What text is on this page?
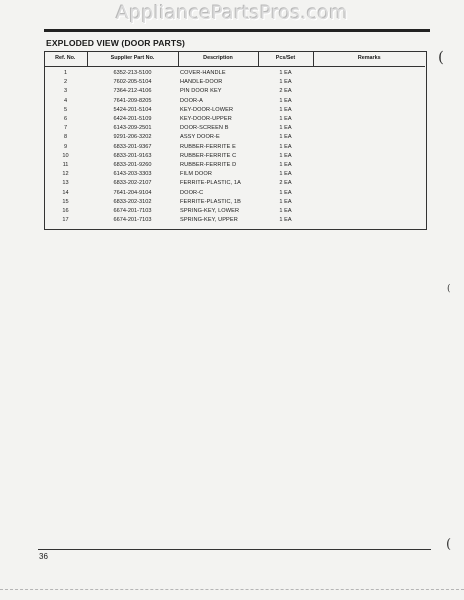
AppliancePartsPros.com
EXPLODED VIEW (DOOR PARTS)
Ref. No.	Supplier Part No.	Description	Pcs/Set	Remarks
1	6352-213-5100	COVER-HANDLE	1 EA	
2	7602-205-5104	HANDLE-DOOR	1 EA	
3	7364-212-4106	PIN DOOR KEY	2 EA	
4	7641-209-8205	DOOR-A	1 EA	
5	5424-201-5104	KEY-DOOR-LOWER	1 EA	
6	6424-201-5109	KEY-DOOR-UPPER	1 EA	
7	6143-209-2501	DOOR-SCREEN B	1 EA	
8	9291-206-3202	ASSY DOOR-E	1 EA	
9	6833-201-9367	RUBBER-FERRITE E	1 EA	
10	6833-201-9163	RUBBER-FERRITE C	1 EA	
11	6833-201-9260	RUBBER-FERRITE D	1 EA	
12	6143-203-3303	FILM DOOR	1 EA	
13	6833-202-2107	FERRITE-PLASTIC, 1A	2 EA	
14	7641-204-9104	DOOR-C	1 EA	
15	6833-202-3102	FERRITE-PLASTIC, 1B	1 EA	
16	6674-201-7103	SPRING-KEY, LOWER	1 EA	
17	6674-201-7103	SPRING-KEY, UPPER	1 EA	
(
(
(
36
